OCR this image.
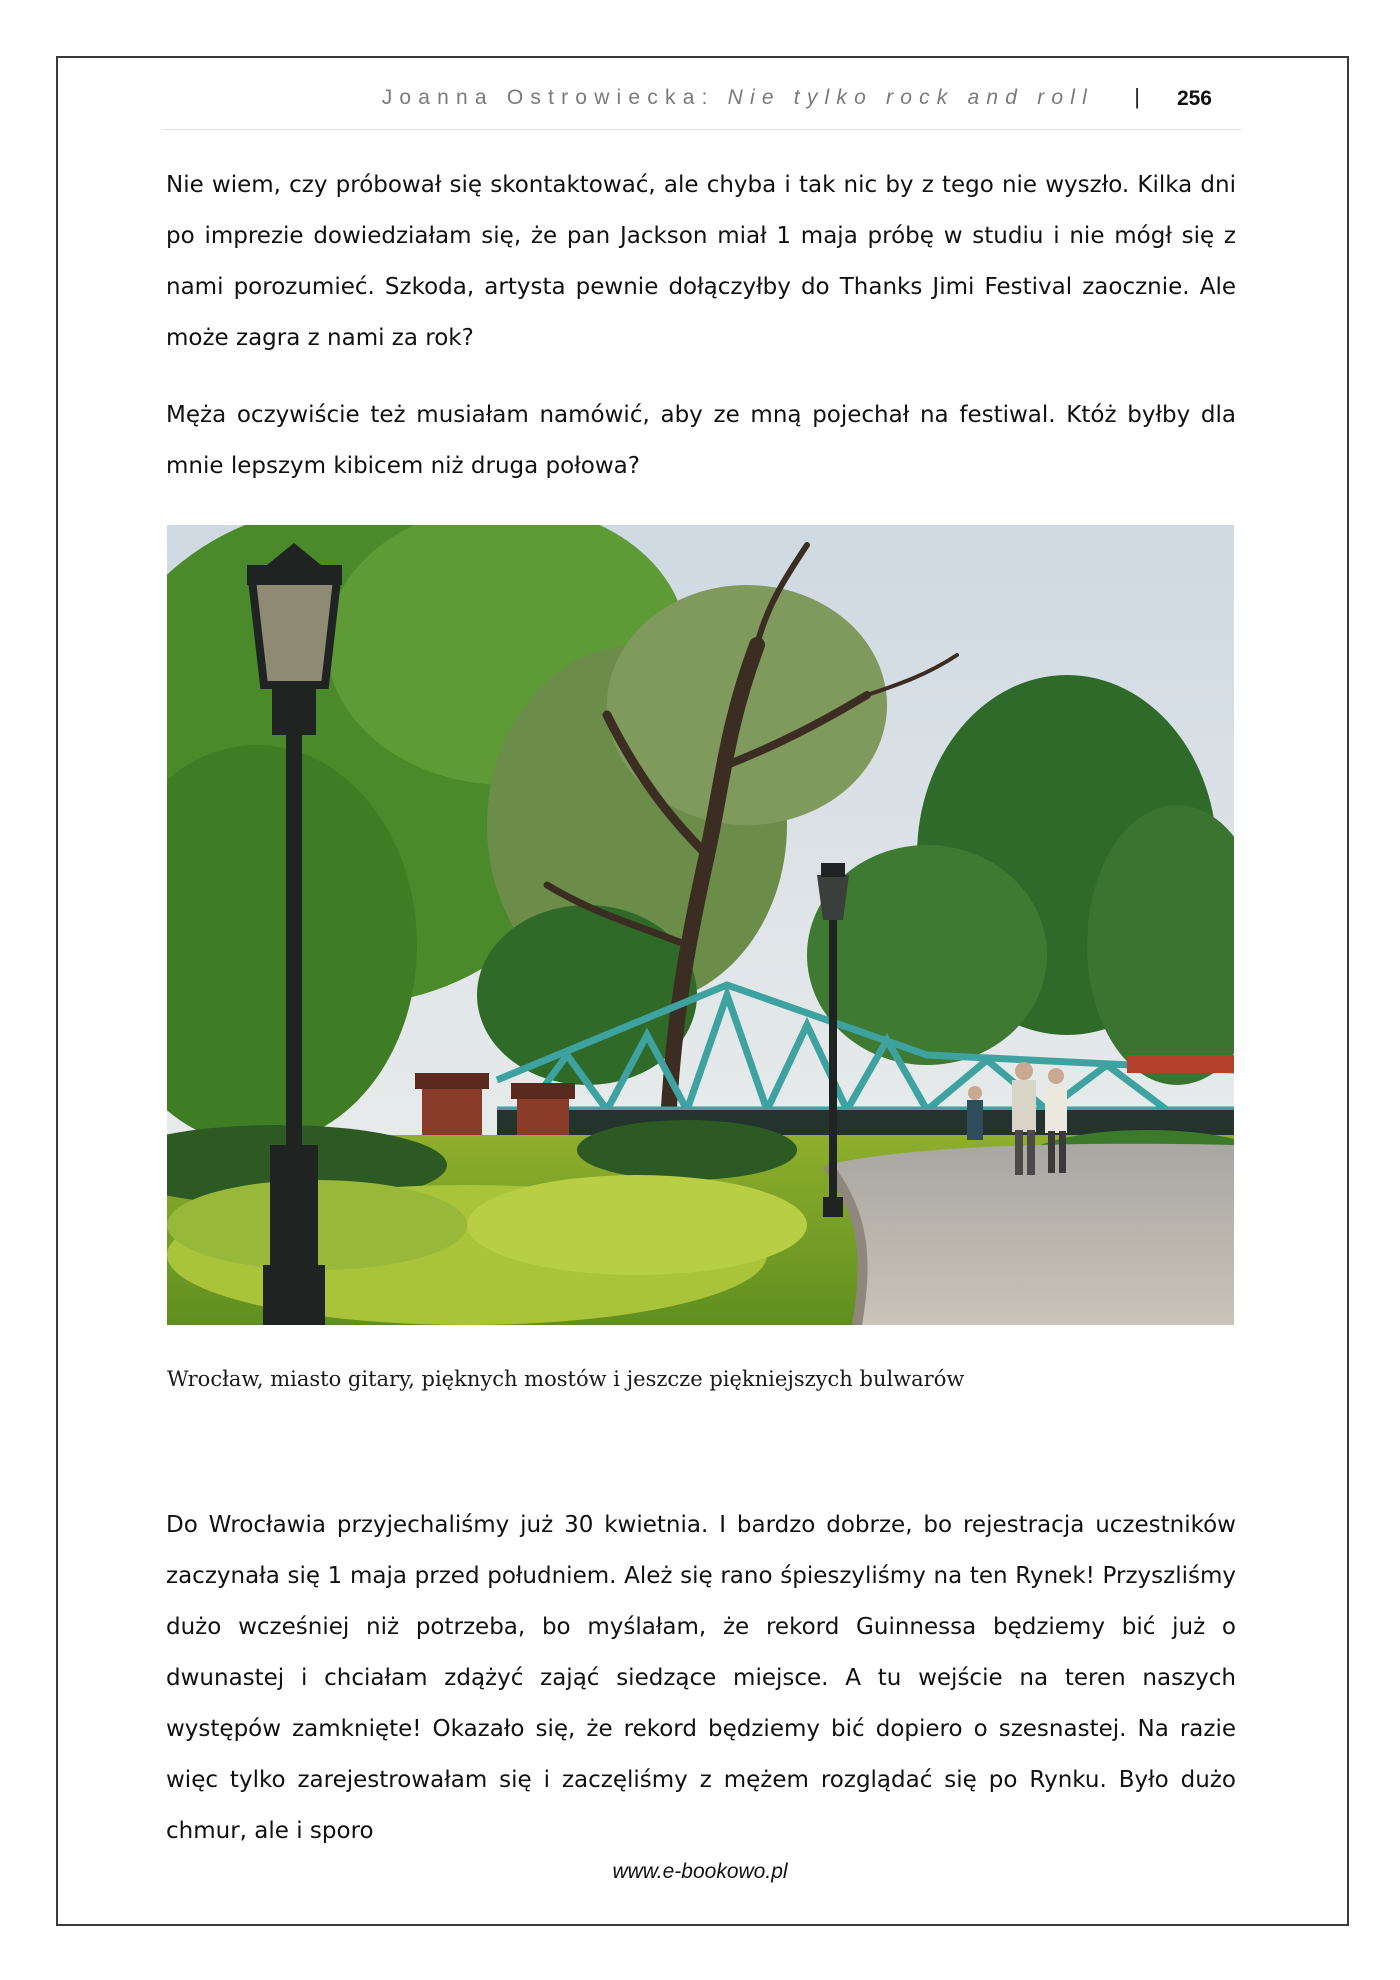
Joanna Ostrowiecka: Nie tylko rock and roll | 256

Nie wiem, czy próbował się skontaktować, ale chyba i tak nic by z tego nie wyszło. Kilka dni po imprezie dowiedziałam się, że pan Jackson miał 1 maja próbę w studiu i nie mógł się z nami porozumieć. Szkoda, artysta pewnie dołączyłby do Thanks Jimi Festival zaocznie. Ale może zagra z nami za rok?

Męża oczywiście też musiałam namówić, aby ze mną pojechał na festiwal. Któż byłby dla mnie lepszym kibicem niż druga połowa?

Wrocław, miasto gitary, pięknych mostów i jeszcze piękniejszych bulwarów

Do Wrocławia przyjechaliśmy już 30 kwietnia. I bardzo dobrze, bo rejestracja uczestników zaczynała się 1 maja przed południem. Ależ się rano śpieszyliśmy na ten Rynek! Przyszliśmy dużo wcześniej niż potrzeba, bo myślałam, że rekord Guinnessa będziemy bić już o dwunastej i chciałam zdążyć zająć siedzące miejsce. A tu wejście na teren naszych występów zamknięte! Okazało się, że rekord będziemy bić dopiero o szesnastej. Na razie więc tylko zarejestrowałam się i zaczęliśmy z mężem rozglądać się po Rynku. Było dużo chmur, ale i sporo

www.e-bookowo.pl
